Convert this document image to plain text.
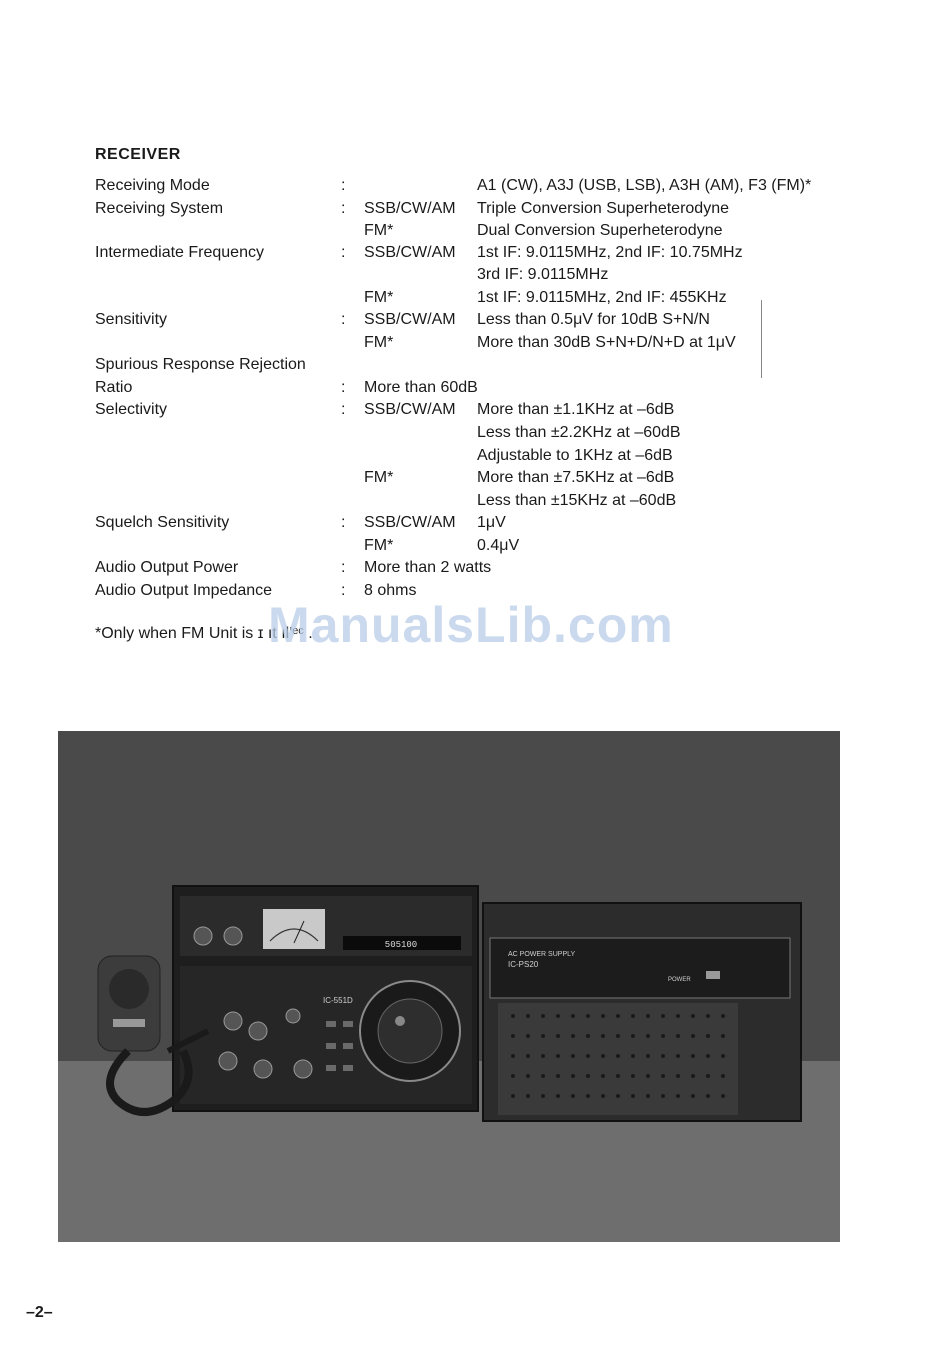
RECEIVER
Receiving Mode	:	A1 (CW), A3J (USB, LSB), A3H (AM), F3 (FM)*
Receiving System	: SSB/CW/AM Triple Conversion Superheterodyne
FM*	Dual Conversion Superheterodyne
Intermediate Frequency	: SSB/CW/AM 1st IF: 9.0115MHz, 2nd IF: 10.75MHz
3rd IF: 9.0115MHz
FM*	1st IF: 9.0115MHz, 2nd IF: 455KHz
Sensitivity	: SSB/CW/AM Less than 0.5μV for 10dB S+N/N
FM*	More than 30dB S+N+D/N+D at 1μV
Spurious Response Rejection
Ratio	: More than 60dB
Selectivity	: SSB/CW/AM More than ±1.1KHz at –6dB
Less than ±2.2KHz at –60dB
Adjustable to 1KHz at –6dB
FM*	More than ±7.5KHz at –6dB
Less than ±15KHz at –60dB
Squelch Sensitivity	: SSB/CW/AM 1μV
FM*	0.4μV
Audio Output Power	: More than 2 watts
Audio Output Impedance	: 8 ohms
*Only when FM Unit is ɪ ıt ıl'ᵉᶜ .
ManualsLib.com
505100
IC-551D
AC POWER SUPPLY
IC-PS20
POWER
–2–
